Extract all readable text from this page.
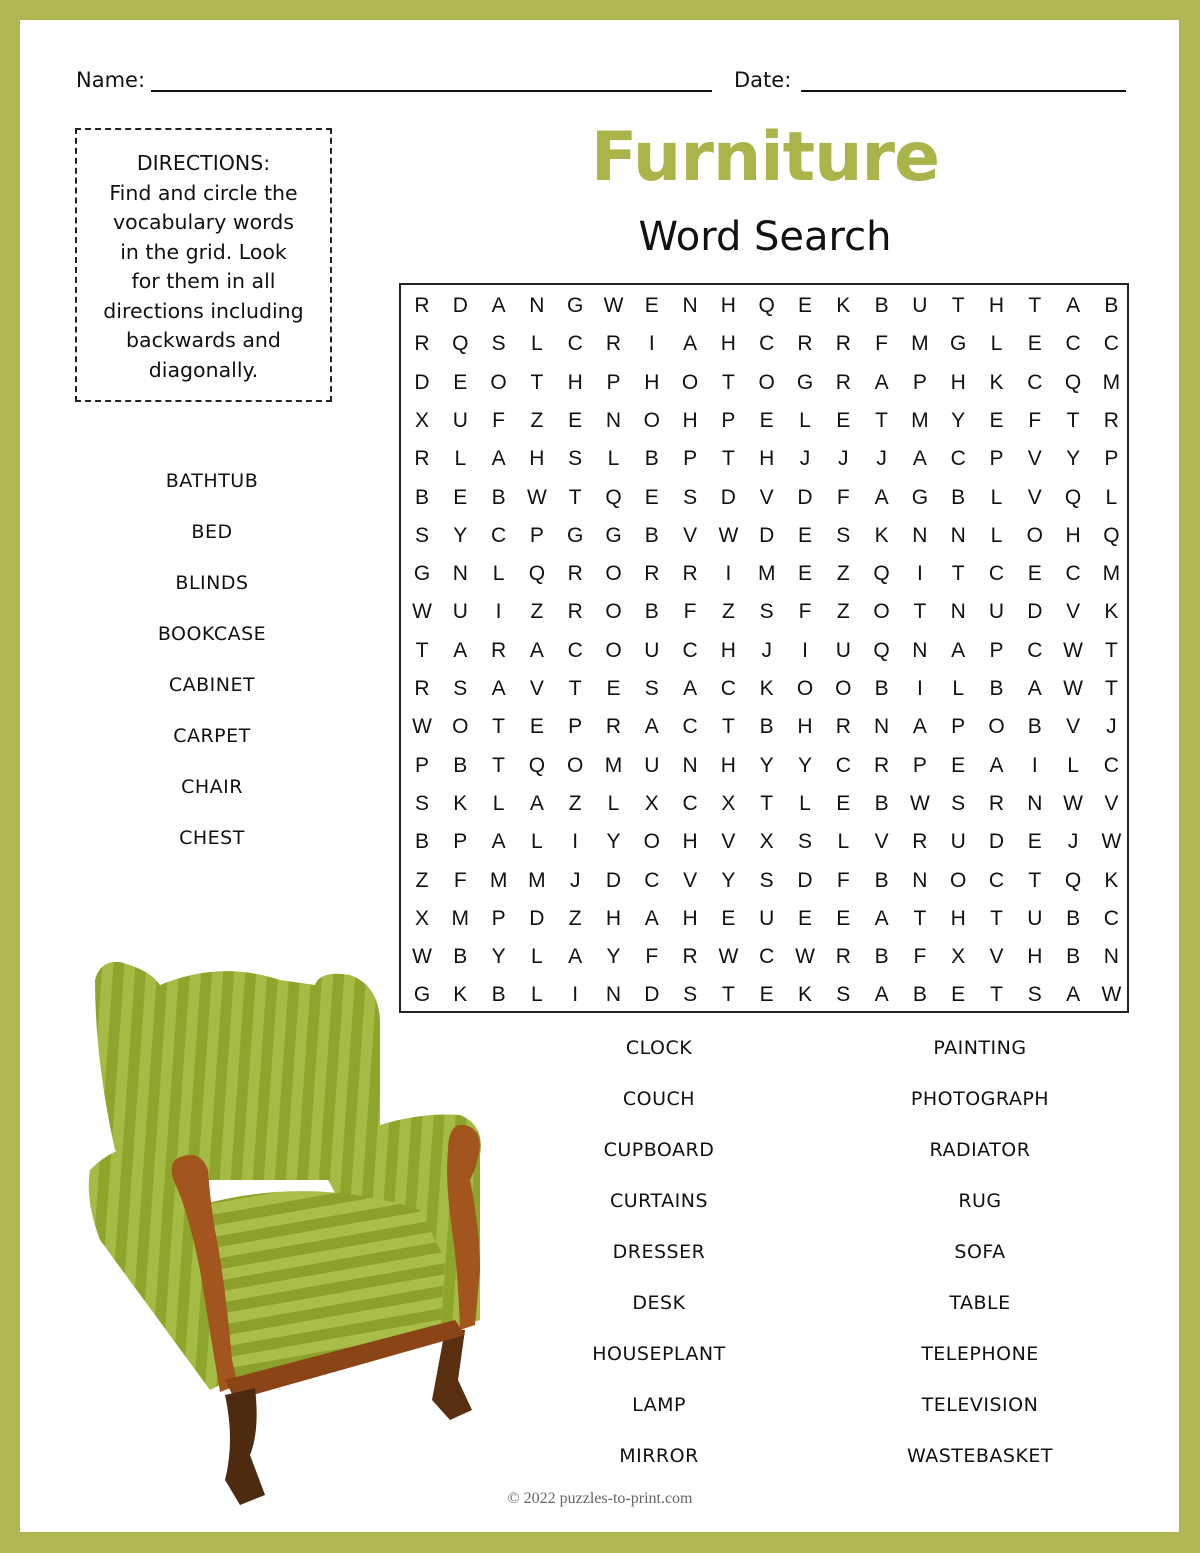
Name:	Date:
DIRECTIONS:
Find and circle the
vocabulary words
in the grid. Look
for them in all
directions including
backwards and
diagonally.
Furniture
Word Search
R	D	A	N	G W	E	N	H	Q	E	K	B	U	T	H	T	A	B
R	Q	S	L	C	R	I	A	H	C	R	R	F	M	G	L	E	C	C
D	E	O	T	H	P	H	O	T	O	G	R	A	P	H	K	C	Q	M
X	U	F	Z	E	N	O	H	P	E	L	E	T	M	Y	E	F	T	R
R	L	A	H	S	L	B	P	T	H	J	J	J	A	C	P	V	Y	P
B	E	B	W	T	Q	E	S	D	V	D	F	A	G	B	L	V	Q	L
S	Y	C	P	G	G	B	V	W D	E	S	K	N	N	L	O	H	Q
G	N	L	Q	R	O	R	R	I	M	E	Z	Q	I	T	C	E	C	M
W U	I	Z	R	O	B	F	Z	S	F	Z	O	T	N	U	D	V	K
T	A	R	A	C	O	U	C	H	J	I	U	Q	N	A	P	C W	T
R	S	A	V	T	E	S	A	C	K	O	O	B	I	L	B	A	W	T
W O	T	E	P	R	A	C	T	B	H	R	N	A	P	O	B	V	J
P	B	T	Q	O	M	U	N	H	Y	Y	C	R	P	E	A	I	L	C
S	K	L	A	Z	L	X	C	X	T	L	E	B	W	S	R	N W	V
B	P	A	L	I	Y	O	H	V	X	S	L	V	R	U	D	E	J	W
Z	F	M M	J	D	C	V	Y	S	D	F	B	N	O	C	T	Q	K
X	M	P	D	Z	H	A	H	E	U	E	E	A	T	H	T	U	B	C
W	B	Y	L	A	Y	F	R W C W R	B	F	X	V	H	B	N
G	K	B	L	I	N	D	S	T	E	K	S	A	B	E	T	S	A	W
BATHTUB
BED
BLINDS
BOOKCASE
CABINET
CARPET
CHAIR
CHEST
CLOCK
COUCH
CUPBOARD
CURTAINS
DRESSER
DESK
HOUSEPLANT
LAMP
MIRROR
PAINTING
PHOTOGRAPH
RADIATOR
RUG
SOFA
TABLE
TELEPHONE
TELEVISION
WASTEBASKET
© 2022 puzzles-to-print.com
